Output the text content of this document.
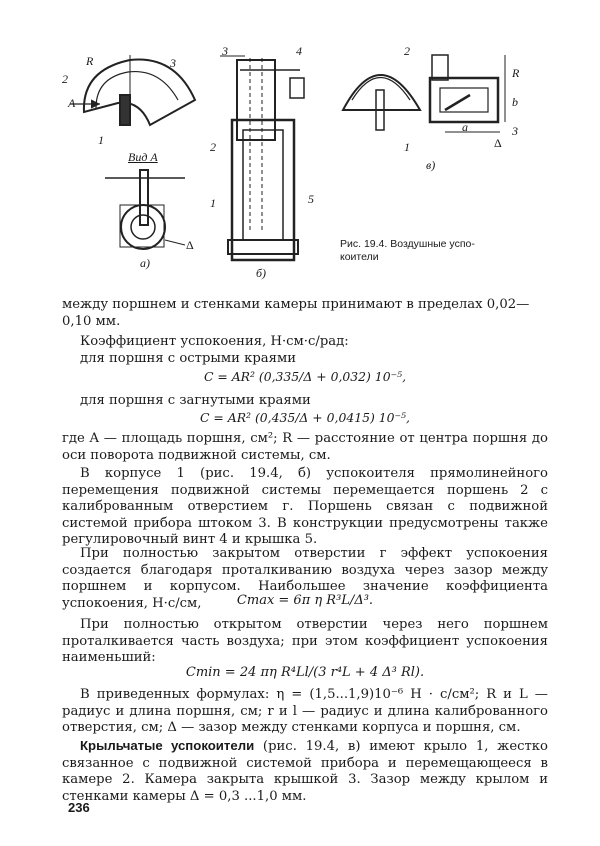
A
2
R	3
1
Вид А
Δ
а)
3	4
2
1	5
б)
2
R
b
a
1
3
Δ
в)
Рис. 19.4. Воздушные успо-
коители
между поршнем и стенками камеры принимают в пределах 0,02—
0,10 мм.
Коэффициент успокоения, Н·см·с/рад:
для поршня с острыми краями
C = AR² (0,335/Δ + 0,032) 10⁻⁵,
для поршня с загнутыми краями
C = AR² (0,435/Δ + 0,0415) 10⁻⁵,
где A — площадь поршня, см²; R — расстояние от центра поршня до оси поворота подвижной системы, см.
В корпусе 1 (рис. 19.4, б) успокоителя прямолинейного перемещения подвижной системы перемещается поршень 2 с калиброванным отверстием г. Поршень связан с подвижной системой прибора штоком 3. В конструкции предусмотрены также регулировочный винт 4 и крышка 5.
При полностью закрытом отверстии г эффект успокоения создается благодаря проталкиванию воздуха через зазор между поршнем и корпусом. Наибольшее значение коэффициента успокоения, Н·с/см,	Cmax = 6π η R³L/Δ³.
При полностью открытом отверстии через него поршнем проталкивается часть воздуха; при этом коэффициент успокоения наименьший:
Cmin = 24 πη R⁴Ll/(3 r⁴L + 4 Δ³ Rl).
В приведенных формулах: η = (1,5...1,9)10⁻⁶ Н · с/см²; R и L — радиус и длина поршня, см; r и l — радиус и длина калиброванного отверстия, см; Δ — зазор между стенками корпуса и поршня, см.
Крыльчатые успокоители (рис. 19.4, в) имеют крыло 1, жестко связанное с подвижной системой прибора и перемещающееся в камере 2. Камера закрыта крышкой 3. Зазор между крылом и стенками камеры Δ = 0,3 ...1,0 мм.
236
